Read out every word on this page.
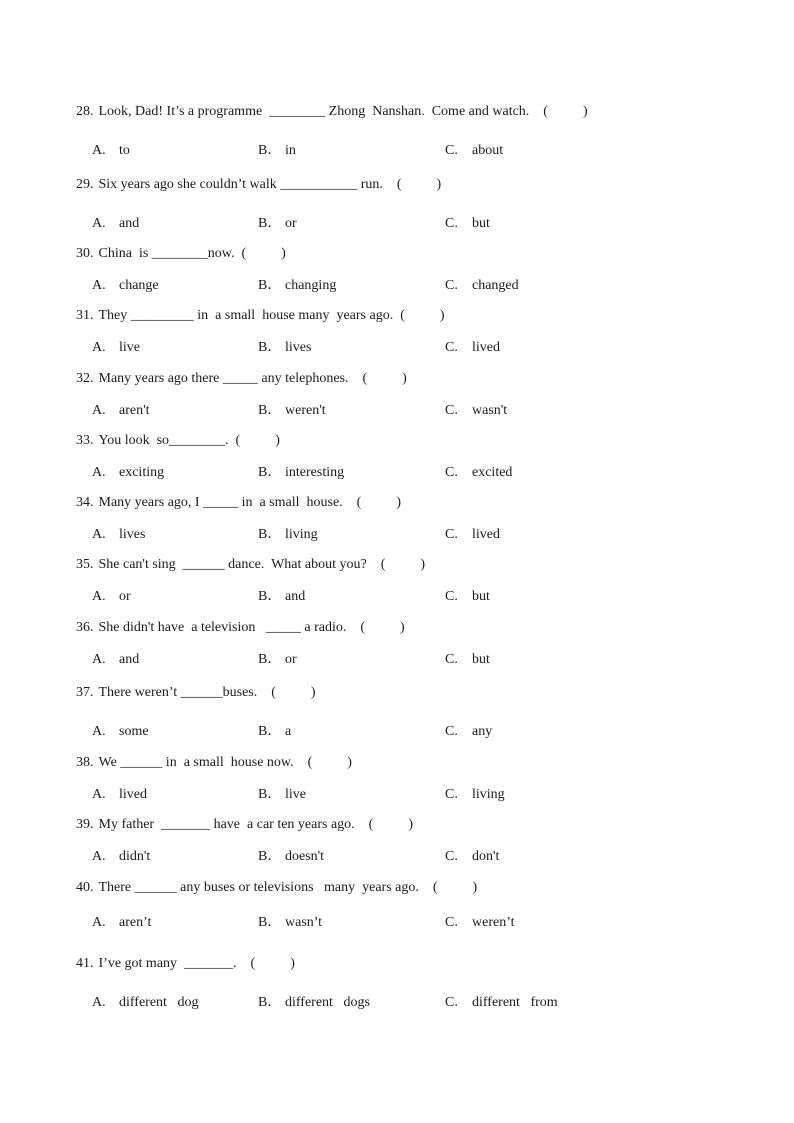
28. Look, Dad! It’s a programme  ________ Zhong  Nanshan.  Come and watch.    (          )
A. to	B． in	C. about
29. Six years ago she couldn’t walk ___________ run.    (          )
A. and	B． or	C. but
30. China  is ________now.  (          )
A. change	B． changing	C. changed
31. They _________ in  a small  house many  years ago.  (          )
A. live	B． lives	C. lived
32. Many years ago there _____ any telephones.    (          )
A. aren't	B． weren't	C. wasn't
33. You look  so________.  (          )
A. exciting	B． interesting	C. excited
34. Many years ago, I _____ in  a small  house.    (          )
A. lives	B． living	C. lived
35. She can't sing  ______ dance.  What about you?    (          )
A. or	B． and	C. but
36. She didn't have  a television   _____ a radio.    (          )
A. and	B． or	C. but
37. There weren’t ______buses.    (          )
A. some	B． a	C. any
38. We ______ in  a small  house now.    (          )
A. lived	B． live	C. living
39. My father  _______ have  a car ten years ago.    (          )
A. didn't	B． doesn't	C. don't
40. There ______ any buses or televisions   many  years ago.    (          )
A. aren’t	B． wasn’t	C. weren’t
41. I’ve got many  _______.    (          )
A. different   dog	B． different   dogs	C. different   from
